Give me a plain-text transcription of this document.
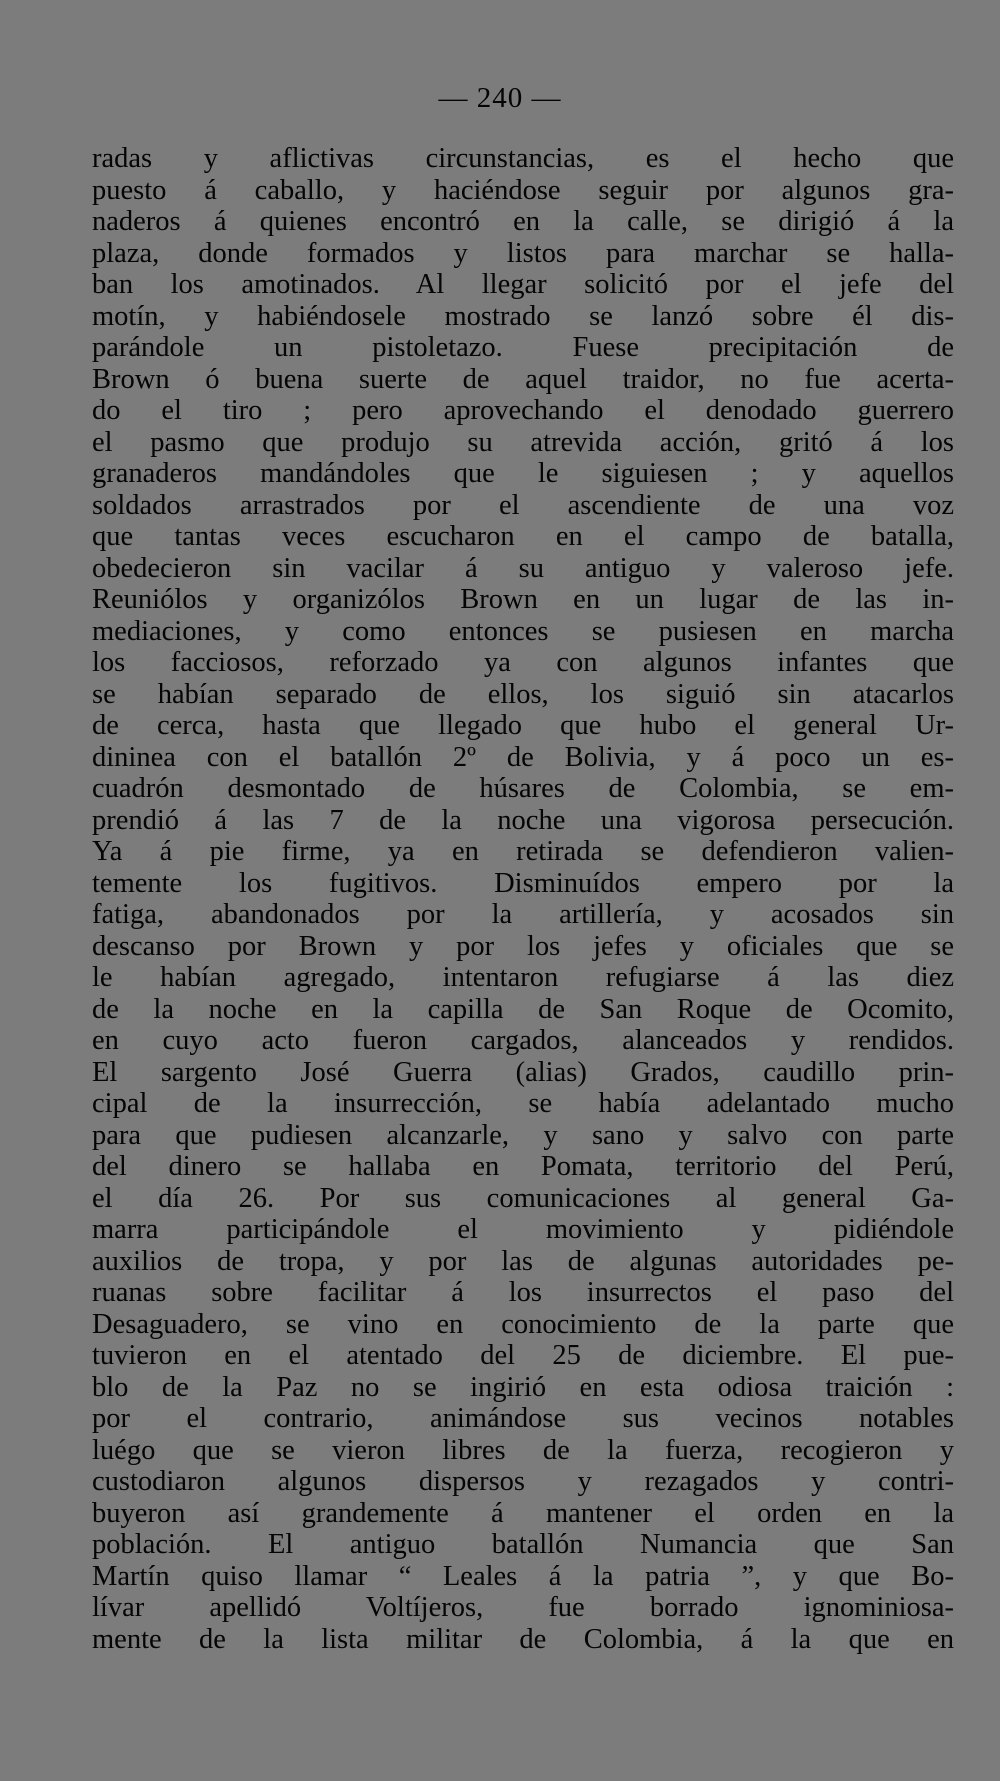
— 240 —
radas y aflictivas circunstancias, es el hecho que
puesto á caballo, y haciéndose seguir por algunos gra-
naderos á quienes encontró en la calle, se dirigió á la
plaza, donde formados y listos para marchar se halla-
ban los amotinados. Al llegar solicitó por el jefe del
motín, y habiéndosele mostrado se lanzó sobre él dis-
parándole un pistoletazo. Fuese precipitación de
Brown ó buena suerte de aquel traidor, no fue acerta-
do el tiro ; pero aprovechando el denodado guerrero
el pasmo que produjo su atrevida acción, gritó á los
granaderos mandándoles que le siguiesen ; y aquellos
soldados arrastrados por el ascendiente de una voz
que tantas veces escucharon en el campo de batalla,
obedecieron sin vacilar á su antiguo y valeroso jefe.
Reuniólos y organizólos Brown en un lugar de las in-
mediaciones, y como entonces se pusiesen en marcha
los facciosos, reforzado ya con algunos infantes que
se habían separado de ellos, los siguió sin atacarlos
de cerca, hasta que llegado que hubo el general Ur-
dininea con el batallón 2º de Bolivia, y á poco un es-
cuadrón desmontado de húsares de Colombia, se em-
prendió á las 7 de la noche una vigorosa persecución.
Ya á pie firme, ya en retirada se defendieron valien-
temente los fugitivos. Disminuídos empero por la
fatiga, abandonados por la artillería, y acosados sin
descanso por Brown y por los jefes y oficiales que se
le habían agregado, intentaron refugiarse á las diez
de la noche en la capilla de San Roque de Ocomito,
en cuyo acto fueron cargados, alanceados y rendidos.
El sargento José Guerra (alias) Grados, caudillo prin-
cipal de la insurrección, se había adelantado mucho
para que pudiesen alcanzarle, y sano y salvo con parte
del dinero se hallaba en Pomata, territorio del Perú,
el día 26. Por sus comunicaciones al general Ga-
marra participándole el movimiento y pidiéndole
auxilios de tropa, y por las de algunas autoridades pe-
ruanas sobre facilitar á los insurrectos el paso del
Desaguadero, se vino en conocimiento de la parte que
tuvieron en el atentado del 25 de diciembre. El pue-
blo de la Paz no se ingirió en esta odiosa traición :
por el contrario, animándose sus vecinos notables
luégo que se vieron libres de la fuerza, recogieron y
custodiaron algunos dispersos y rezagados y contri-
buyeron así grandemente á mantener el orden en la
población. El antiguo batallón Numancia que San
Martín quiso llamar “ Leales á la patria ”, y que Bo-
lívar apellidó Voltíjeros, fue borrado ignominiosa-
mente de la lista militar de Colombia, á la que en
